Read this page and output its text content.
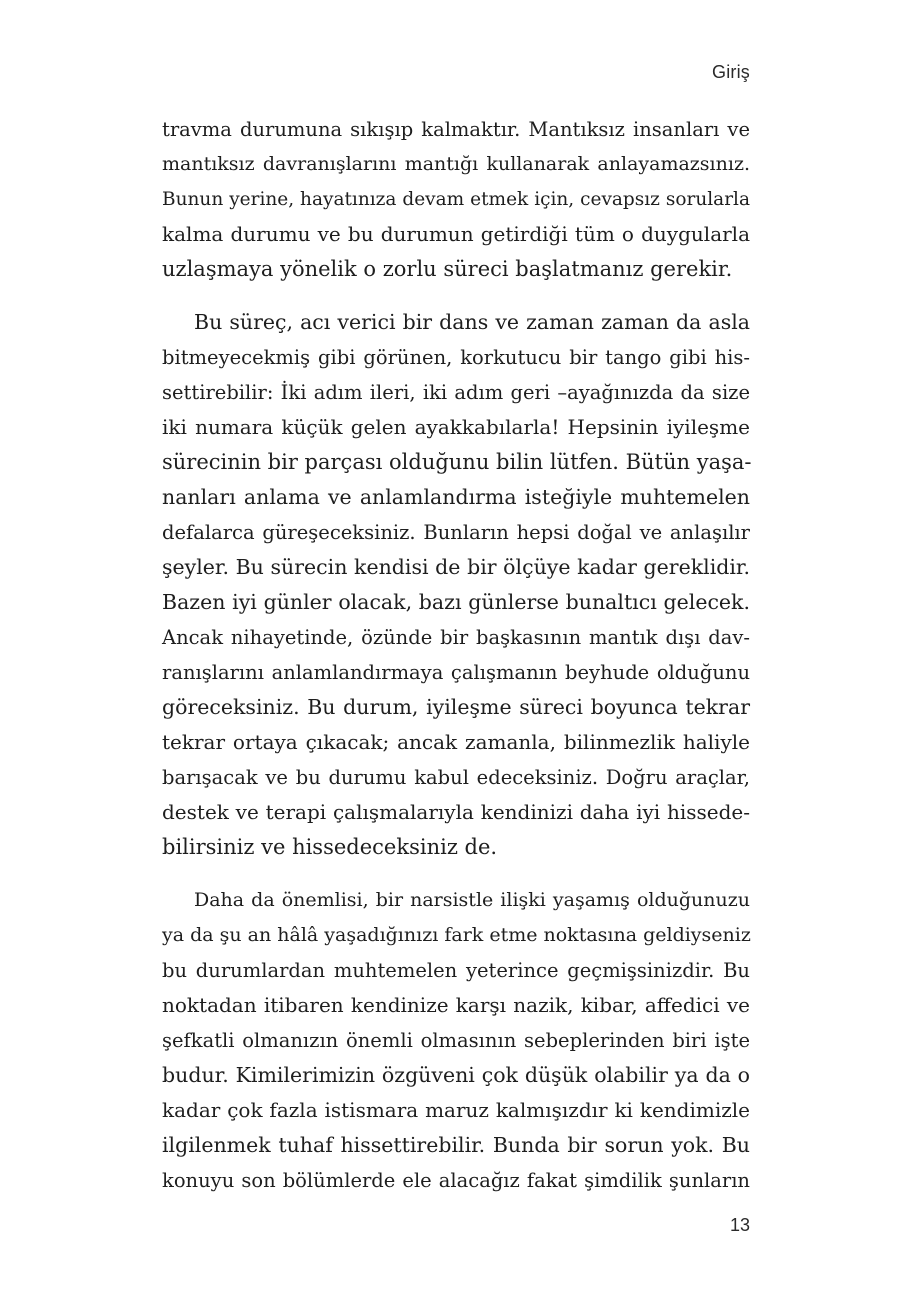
Giriş

travma durumuna sıkışıp kalmaktır. Mantıksız insanları ve
mantıksız davranışlarını mantığı kullanarak anlayamazsınız.
Bunun yerine, hayatınıza devam etmek için, cevapsız sorularla
kalma durumu ve bu durumun getirdiği tüm o duygularla
uzlaşmaya yönelik o zorlu süreci başlatmanız gerekir.

Bu süreç, acı verici bir dans ve zaman zaman da asla
bitmeyecekmiş gibi görünen, korkutucu bir tango gibi his-
settirebilir: İki adım ileri, iki adım geri –ayağınızda da size
iki numara küçük gelen ayakkabılarla! Hepsinin iyileşme
sürecinin bir parçası olduğunu bilin lütfen. Bütün yaşa-
nanları anlama ve anlamlandırma isteğiyle muhtemelen
defalarca güreşeceksiniz. Bunların hepsi doğal ve anlaşılır
şeyler. Bu sürecin kendisi de bir ölçüye kadar gereklidir.
Bazen iyi günler olacak, bazı günlerse bunaltıcı gelecek.
Ancak nihayetinde, özünde bir başkasının mantık dışı dav-
ranışlarını anlamlandırmaya çalışmanın beyhude olduğunu
göreceksiniz. Bu durum, iyileşme süreci boyunca tekrar
tekrar ortaya çıkacak; ancak zamanla, bilinmezlik haliyle
barışacak ve bu durumu kabul edeceksiniz. Doğru araçlar,
destek ve terapi çalışmalarıyla kendinizi daha iyi hissede-
bilirsiniz ve hissedeceksiniz de.

Daha da önemlisi, bir narsistle ilişki yaşamış olduğunuzu
ya da şu an hâlâ yaşadığınızı fark etme noktasına geldiyseniz
bu durumlardan muhtemelen yeterince geçmişsinizdir. Bu
noktadan itibaren kendinize karşı nazik, kibar, affedici ve
şefkatli olmanızın önemli olmasının sebeplerinden biri işte
budur. Kimilerimizin özgüveni çok düşük olabilir ya da o
kadar çok fazla istismara maruz kalmışızdır ki kendimizle
ilgilenmek tuhaf hissettirebilir. Bunda bir sorun yok. Bu
konuyu son bölümlerde ele alacağız fakat şimdilik şunların

13
